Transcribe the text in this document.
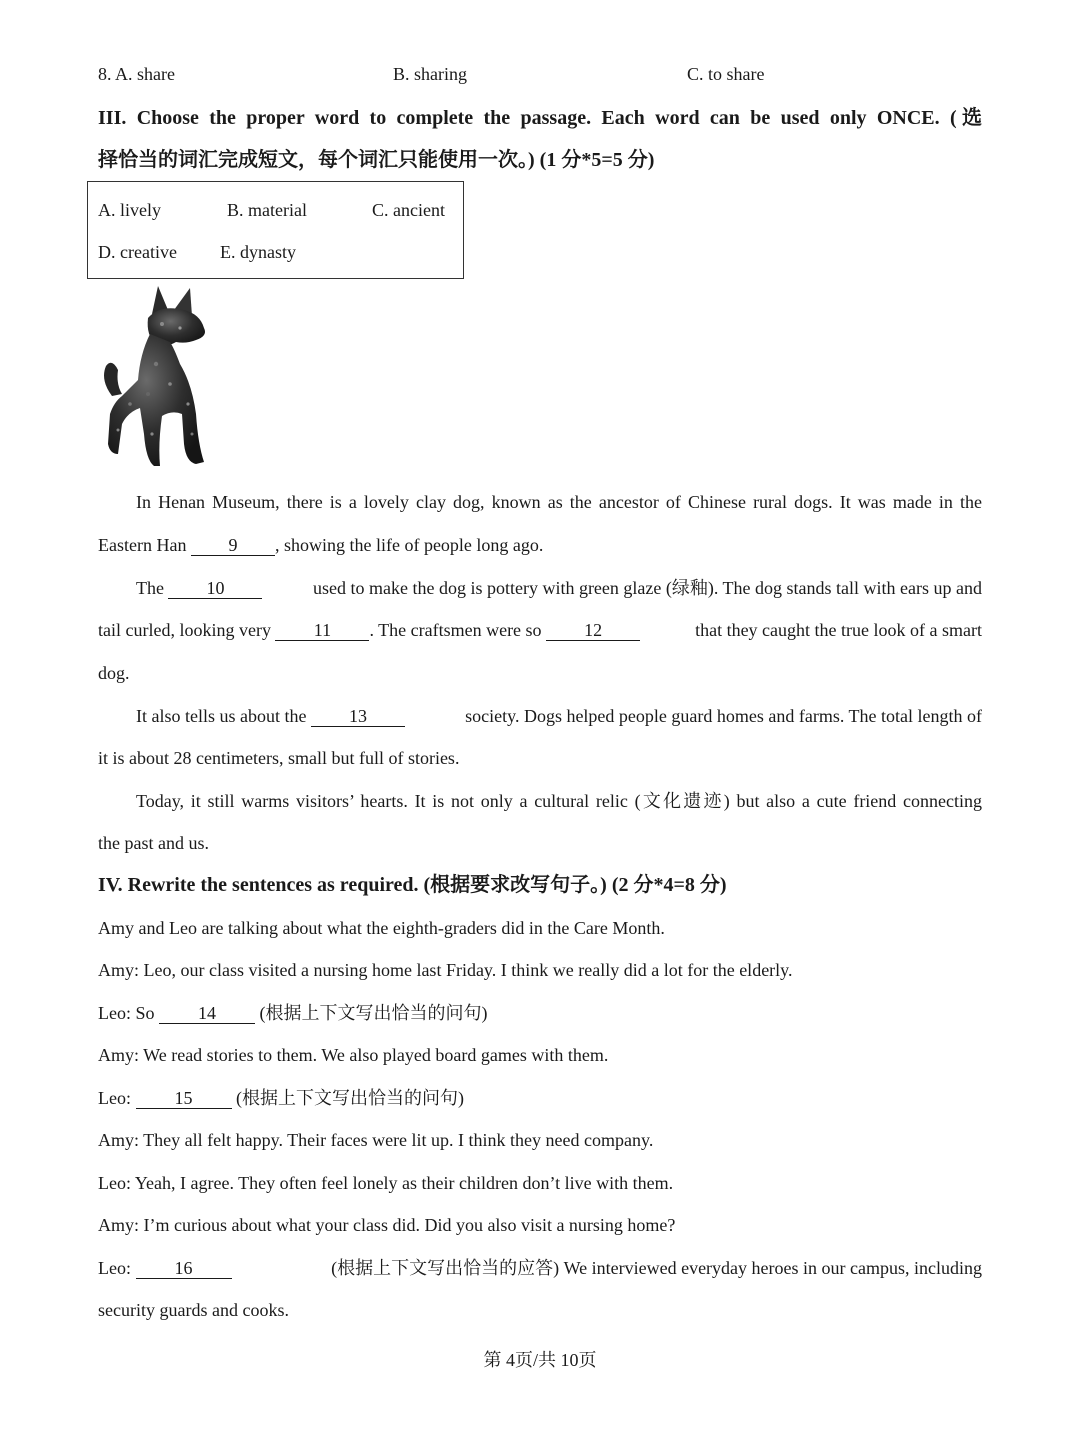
8. A. share	B. sharing	C. to share
III. Choose the proper word to complete the passage. Each word can be used only ONCE. (选
择恰当的词汇完成短文，每个词汇只能使用一次。) (1 分*5=5 分)
A. lively	B. material	C. ancient
D. creative E. dynasty
In Henan Museum, there is a lovely clay dog, known as the ancestor of Chinese rural dogs. It was made in the
Eastern Han 9 , showing the life of people long ago.
The 10	used to make the dog is pottery with green glaze (绿釉). The dog stands tall with ears up and
tail curled, looking very 11 . The craftsmen were so 12	that they caught the true look of a smart
dog.
It also tells us about the 13	society. Dogs helped people guard homes and farms. The total length of
it is about 28 centimeters, small but full of stories.
Today, it still warms visitors’ hearts. It is not only a cultural relic (文化遗迹) but also a cute friend connecting
the past and us.
IV. Rewrite the sentences as required. (根据要求改写句子。) (2 分*4=8 分)
Amy and Leo are talking about what the eighth-graders did in the Care Month.
Amy: Leo, our class visited a nursing home last Friday. I think we really did a lot for the elderly.
Leo: So 14 (根据上下文写出恰当的问句)
Amy: We read stories to them. We also played board games with them.
Leo: 15 (根据上下文写出恰当的问句)
Amy: They all felt happy. Their faces were lit up. I think they need company.
Leo: Yeah, I agree. They often feel lonely as their children don’t live with them.
Amy: I’m curious about what your class did. Did you also visit a nursing home?
Leo: 16	(根据上下文写出恰当的应答) We interviewed everyday heroes in our campus, including
security guards and cooks.
第 4页/共 10页
